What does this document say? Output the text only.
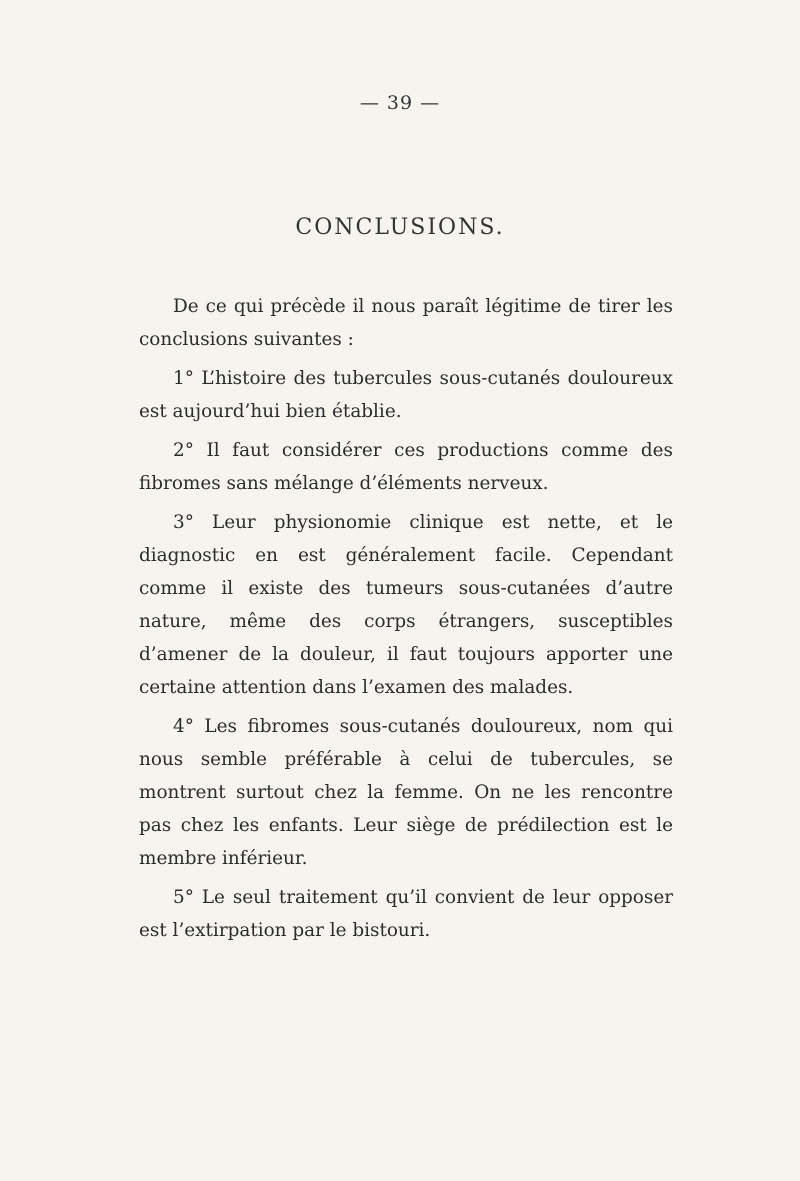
— 39 —
CONCLUSIONS.

De ce qui précède il nous paraît légitime de tirer les conclusions suivantes :

1° L’histoire des tubercules sous-cutanés douloureux est aujourd’hui bien établie.

2° Il faut considérer ces productions comme des fibromes sans mélange d’éléments nerveux.

3° Leur physionomie clinique est nette, et le diagnostic en est généralement facile. Cependant comme il existe des tumeurs sous-cutanées d’autre nature, même des corps étrangers, susceptibles d’amener de la douleur, il faut toujours apporter une certaine attention dans l’examen des malades.

4° Les fibromes sous-cutanés douloureux, nom qui nous semble préférable à celui de tubercules, se montrent surtout chez la femme. On ne les rencontre pas chez les enfants. Leur siège de prédilection est le membre inférieur.

5° Le seul traitement qu’il convient de leur opposer est l’extirpation par le bistouri.
